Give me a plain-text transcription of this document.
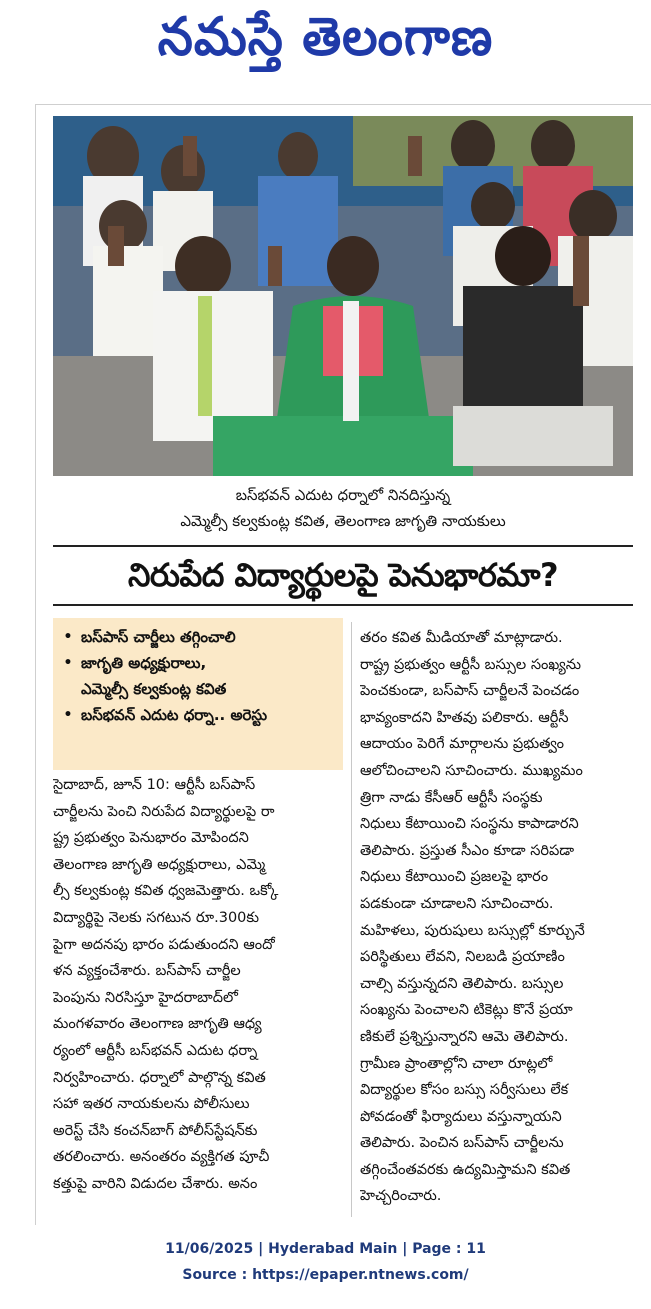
నమస్తే తెలంగాణ
బస్‌భవన్ ఎదుట ధర్నాలో నినదిస్తున్న
ఎమ్మెల్సీ కల్వకుంట్ల కవిత, తెలంగాణ జాగృతి నాయకులు
నిరుపేద విద్యార్థులపై పెనుభారమా?
• బస్‌పాస్ చార్జీలు తగ్గించాలి
• జాగృతి అధ్యక్షురాలు,
ఎమ్మెల్సీ కల్వకుంట్ల కవిత
• బస్‌భవన్ ఎదుట ధర్నా.. అరెస్టు
సైదాబాద్, జూన్ 10: ఆర్టీసీ బస్‌పాస్
చార్జీలను పెంచి నిరుపేద విద్యార్థులపై రా
ష్ట్ర ప్రభుత్వం పెనుభారం మోపిందని
తెలంగాణ జాగృతి అధ్యక్షురాలు, ఎమ్మె
ల్సీ కల్వకుంట్ల కవిత ధ్వజమెత్తారు. ఒక్కో
విద్యార్థిపై నెలకు సగటున రూ.300కు
పైగా అదనపు భారం పడుతుందని ఆందో
ళన వ్యక్తంచేశారు. బస్‌పాస్ చార్జీల
పెంపును నిరసిస్తూ హైదరాబాద్‌లో
మంగళవారం తెలంగాణ జాగృతి ఆధ్య
ర్యంలో ఆర్టీసీ బస్‌భవన్ ఎదుట ధర్నా
నిర్వహించారు. ధర్నాలో పాల్గొన్న కవిత
సహా ఇతర నాయకులను పోలీసులు
అరెస్ట్ చేసి కంచన్‌బాగ్ పోలీస్‌స్టేషన్‌కు
తరలించారు. అనంతరం వ్యక్తిగత పూచీ
కత్తుపై వారిని విడుదల చేశారు. అనం
తరం కవిత మీడియాతో మాట్లాడారు.
రాష్ట్ర ప్రభుత్వం ఆర్టీసీ బస్సుల సంఖ్యను
పెంచకుండా, బస్‌పాస్ చార్జీలనే పెంచడం
భావ్యంకాదని హితవు పలికారు. ఆర్టీసీ
ఆదాయం పెరిగే మార్గాలను ప్రభుత్వం
ఆలోచించాలని సూచించారు. ముఖ్యమం
త్రిగా నాడు కేసీఆర్ ఆర్టీసీ సంస్థకు
నిధులు కేటాయించి సంస్థను కాపాడారని
తెలిపారు. ప్రస్తుత సీఎం కూడా సరిపడా
నిధులు కేటాయించి ప్రజలపై భారం
పడకుండా చూడాలని సూచించారు.
మహిళలు, పురుషులు బస్సుల్లో కూర్చునే
పరిస్థితులు లేవని, నిలబడి ప్రయాణిం
చాల్సి వస్తున్నదని తెలిపారు. బస్సుల
సంఖ్యను పెంచాలని టికెట్లు కొనే ప్రయా
ణికులే ప్రశ్నిస్తున్నారని ఆమె తెలిపారు.
గ్రామీణ ప్రాంతాల్లోని చాలా రూట్లలో
విద్యార్థుల కోసం బస్సు సర్వీసులు లేక
పోవడంతో ఫిర్యాదులు వస్తున్నాయని
తెలిపారు. పెంచిన బస్‌పాస్ చార్జీలను
తగ్గించేంతవరకు ఉద్యమిస్తామని కవిత
హెచ్చరించారు.
11/06/2025 | Hyderabad Main | Page : 11
Source : https://epaper.ntnews.com/
